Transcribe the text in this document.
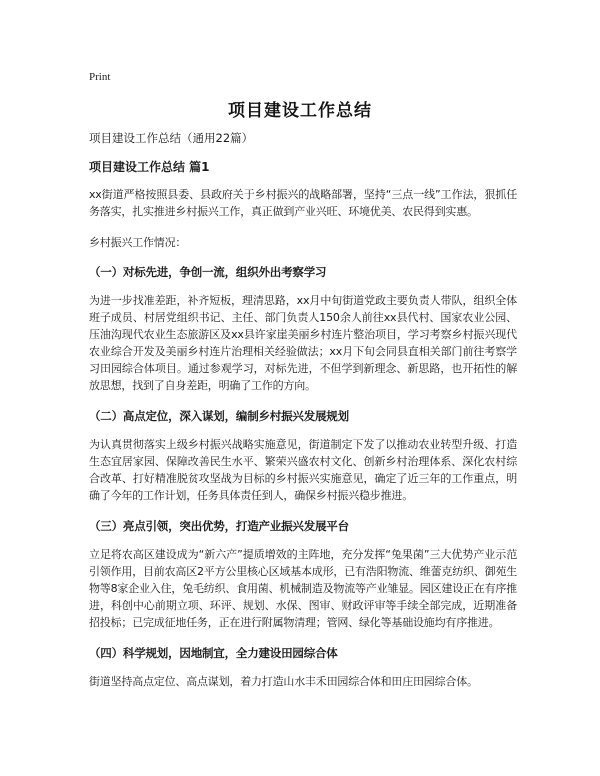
Print
项目建设工作总结
项目建设工作总结（通用22篇）
项目建设工作总结 篇1
xx街道严格按照县委、县政府关于乡村振兴的战略部署，坚持“三点一线”工作法，狠抓任务落实，扎实推进乡村振兴工作，真正做到产业兴旺、环境优美、农民得到实惠。
乡村振兴工作情况：
（一）对标先进，争创一流，组织外出考察学习
为进一步找准差距，补齐短板，理清思路，xx月中旬街道党政主要负责人带队，组织全体班子成员、村居党组织书记、主任、部门负责人150余人前往xx县代村、国家农业公园、压油沟现代农业生态旅游区及xx县许家崖美丽乡村连片整治项目，学习考察乡村振兴现代农业综合开发及美丽乡村连片治理相关经验做法；xx月下旬会同县直相关部门前往考察学习田园综合体项目。通过参观学习，对标先进，不但学到新理念、新思路，也开拓性的解放思想，找到了自身差距，明确了工作的方向。
（二）高点定位，深入谋划，编制乡村振兴发展规划
为认真贯彻落实上级乡村振兴战略实施意见，街道制定下发了以推动农业转型升级、打造生态宜居家园、保障改善民生水平、繁荣兴盛农村文化、创新乡村治理体系、深化农村综合改革、打好精准脱贫攻坚战为目标的乡村振兴实施意见，确定了近三年的工作重点，明确了今年的工作计划，任务具体责任到人，确保乡村振兴稳步推进。
（三）亮点引领，突出优势，打造产业振兴发展平台
立足将农高区建设成为“新六产”提质增效的主阵地，充分发挥“兔果菌”三大优势产业示范引领作用，目前农高区2平方公里核心区域基本成形，已有浩阳物流、维蕾克纺织、御苑生物等8家企业入住，兔毛纺织、食用菌、机械制造及物流等产业雏显。园区建设正在有序推进，科创中心前期立项、环评、规划、水保、图审、财政评审等手续全部完成，近期准备招投标；已完成征地任务，正在进行附属物清理；管网、绿化等基础设施均有序推进。
（四）科学规划，因地制宜，全力建设田园综合体
街道坚持高点定位、高点谋划，着力打造山水丰禾田园综合体和田庄田园综合体。
